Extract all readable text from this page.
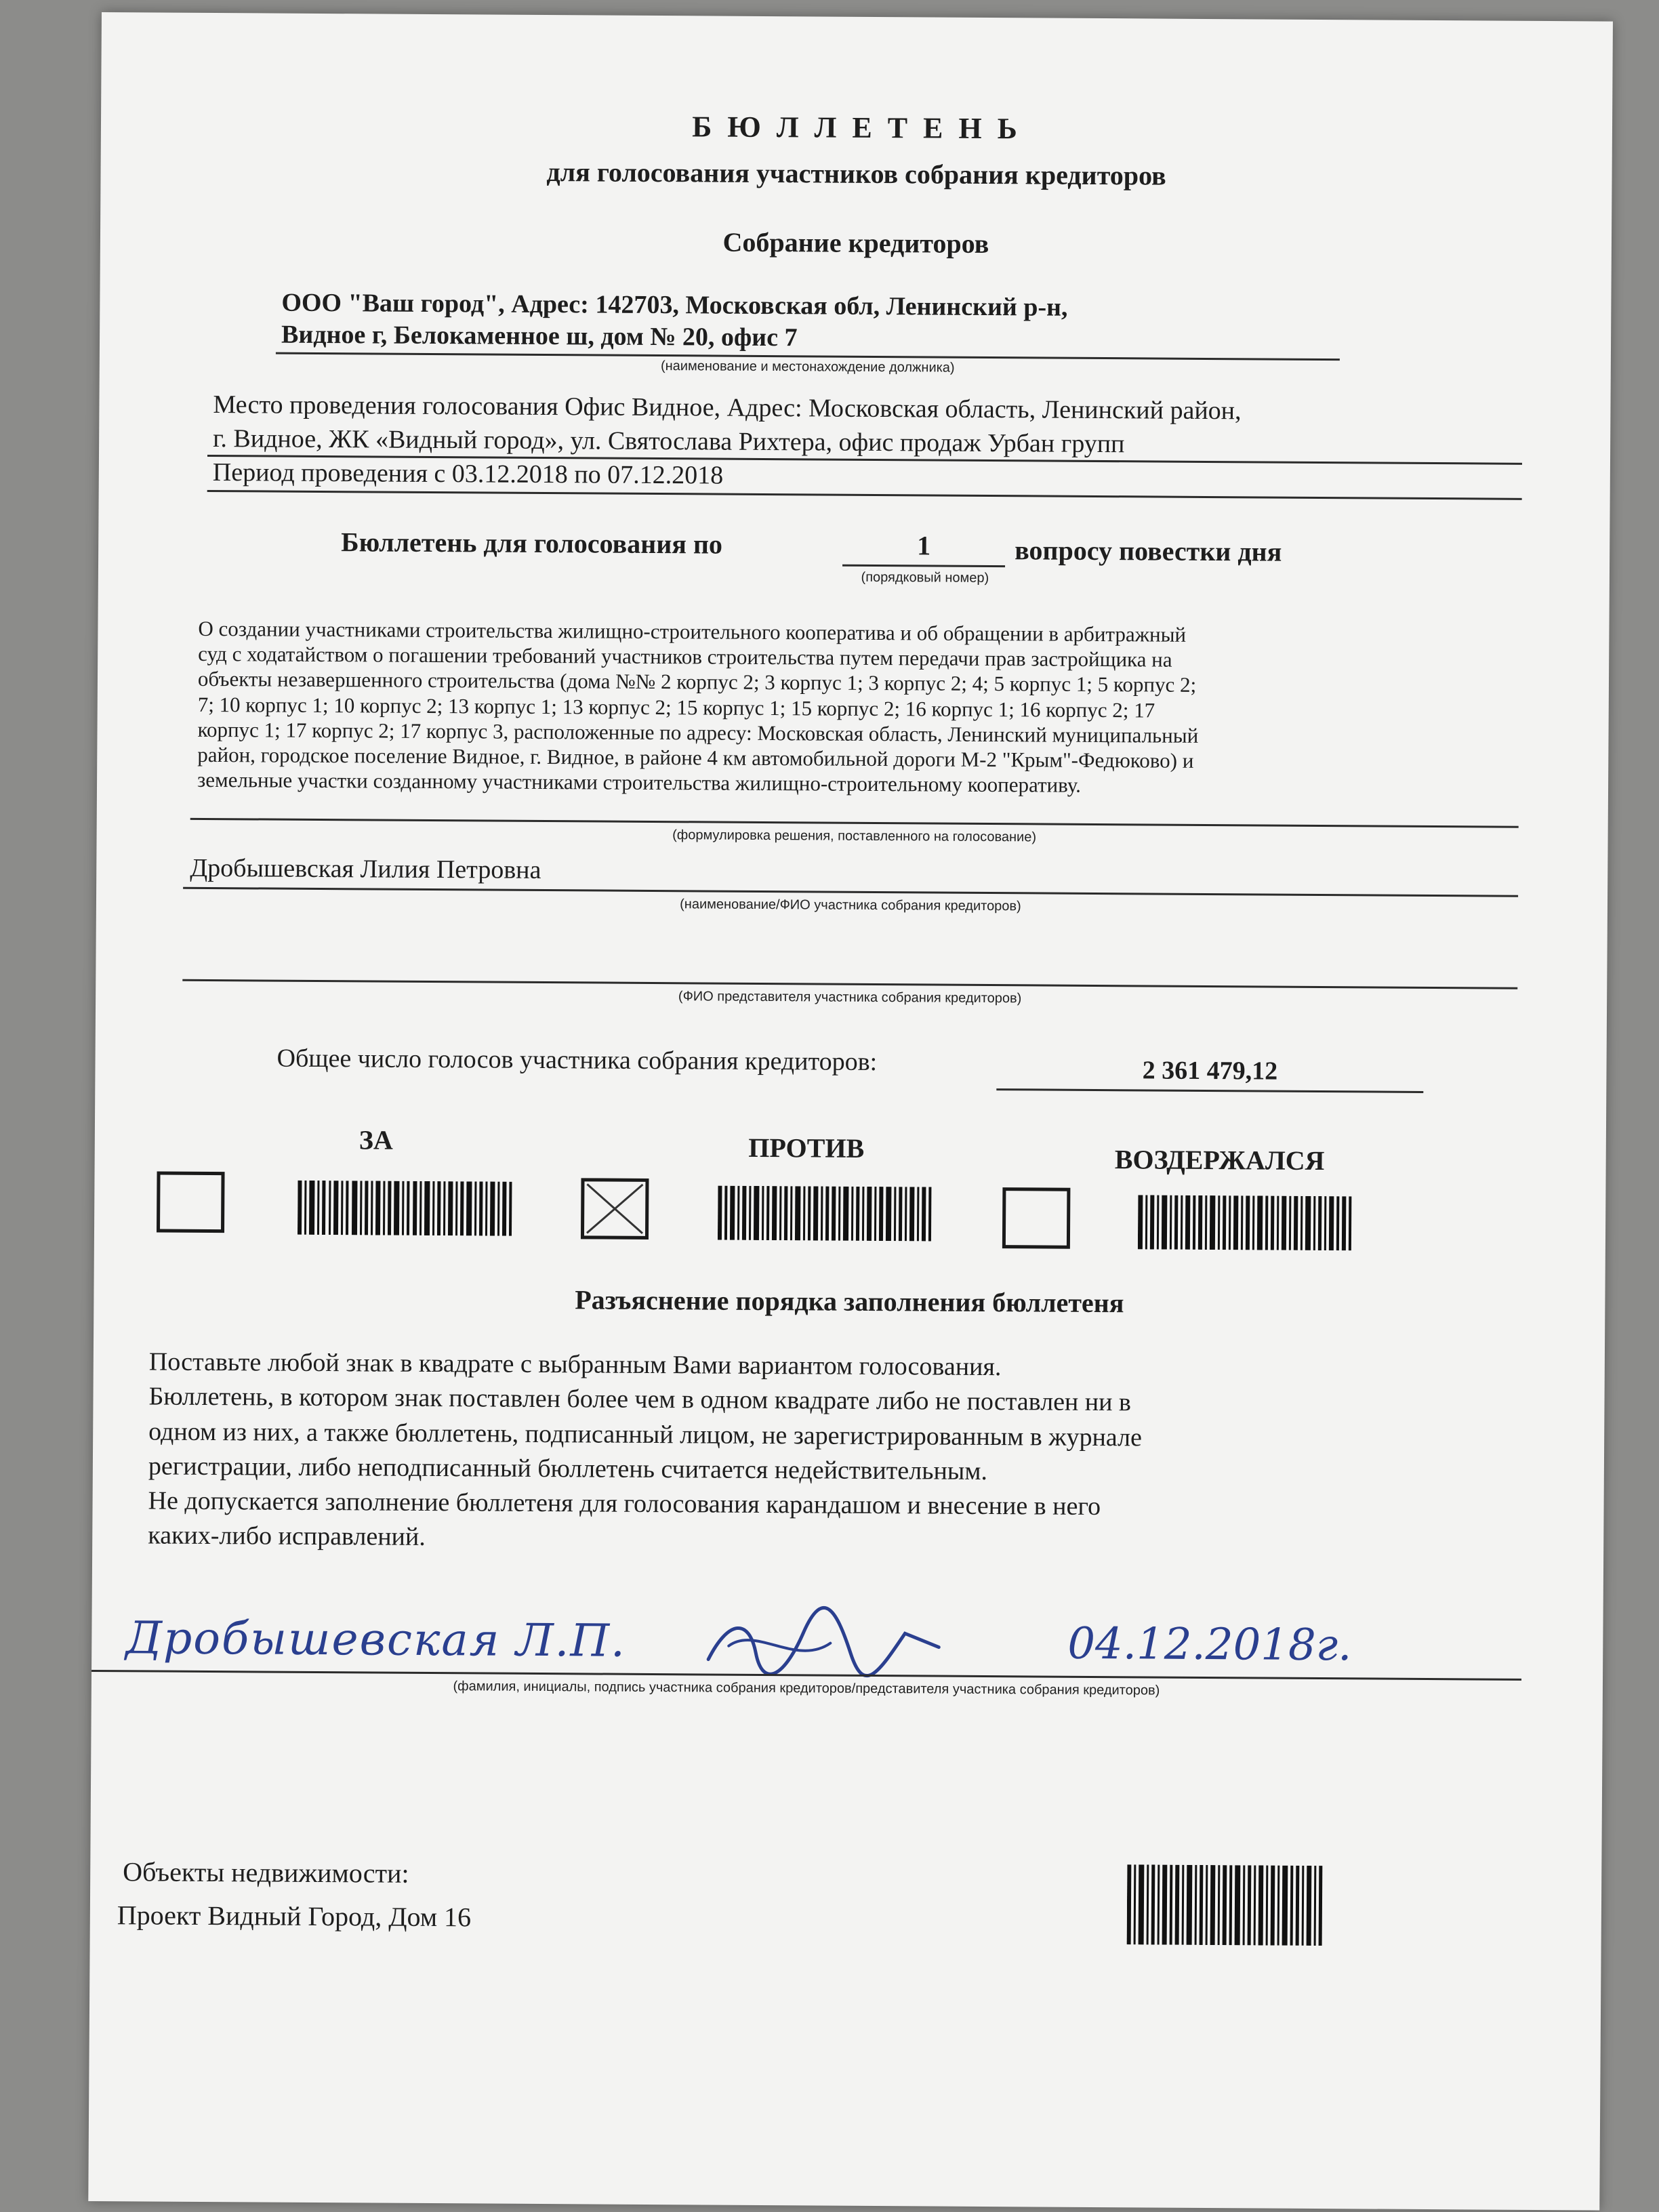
Б Ю Л Л Е Т Е Н Ь
для голосования участников собрания кредиторов
Собрание кредиторов
ООО "Ваш город", Адрес: 142703, Московская обл, Ленинский р-н,
Видное г, Белокаменное ш, дом № 20, офис 7
(наименование и местонахождение должника)
Место проведения голосования Офис Видное, Адрес: Московская область, Ленинский район,
г. Видное, ЖК «Видный город», ул. Святослава Рихтера, офис продаж Урбан групп
Период проведения с 03.12.2018 по 07.12.2018
Бюллетень для голосования по	1
(порядковый номер)
вопросу повестки дня
О создании участниками строительства жилищно-строительного кооператива и об обращении в арбитражный
суд с ходатайством о погашении требований участников строительства путем передачи прав застройщика на
объекты незавершенного строительства (дома №№ 2 корпус 2; 3 корпус 1; 3 корпус 2; 4; 5 корпус 1; 5 корпус 2;
7; 10 корпус 1; 10 корпус 2; 13 корпус 1; 13 корпус 2; 15 корпус 1; 15 корпус 2; 16 корпус 1; 16 корпус 2; 17
корпус 1; 17 корпус 2; 17 корпус 3, расположенные по адресу: Московская область, Ленинский муниципальный
район, городское поселение Видное, г. Видное, в районе 4 км автомобильной дороги М-2 "Крым"-Федюково) и
земельные участки созданному участниками строительства жилищно-строительному кооперативу.
(формулировка решения, поставленного на голосование)
Дробышевская Лилия Петровна
(наименование/ФИО участника собрания кредиторов)
(ФИО представителя участника собрания кредиторов)
Общее число голосов участника собрания кредиторов:	2 361 479,12
ЗА	ПРОТИВ	ВОЗДЕРЖАЛСЯ
Разъяснение порядка заполнения бюллетеня
Поставьте любой знак в квадрате с выбранным Вами вариантом голосования.
Бюллетень, в котором знак поставлен более чем в одном квадрате либо не поставлен ни в
одном из них, а также бюллетень, подписанный лицом, не зарегистрированным в журнале
регистрации, либо неподписанный бюллетень считается недействительным.
Не допускается заполнение бюллетеня для голосования карандашом и внесение в него
каких-либо исправлений.
Дробышевская Л.П.	04.12.2018г.
(фамилия, инициалы, подпись участника собрания кредиторов/представителя участника собрания кредиторов)
Объекты недвижимости:
Проект Видный Город, Дом 16
